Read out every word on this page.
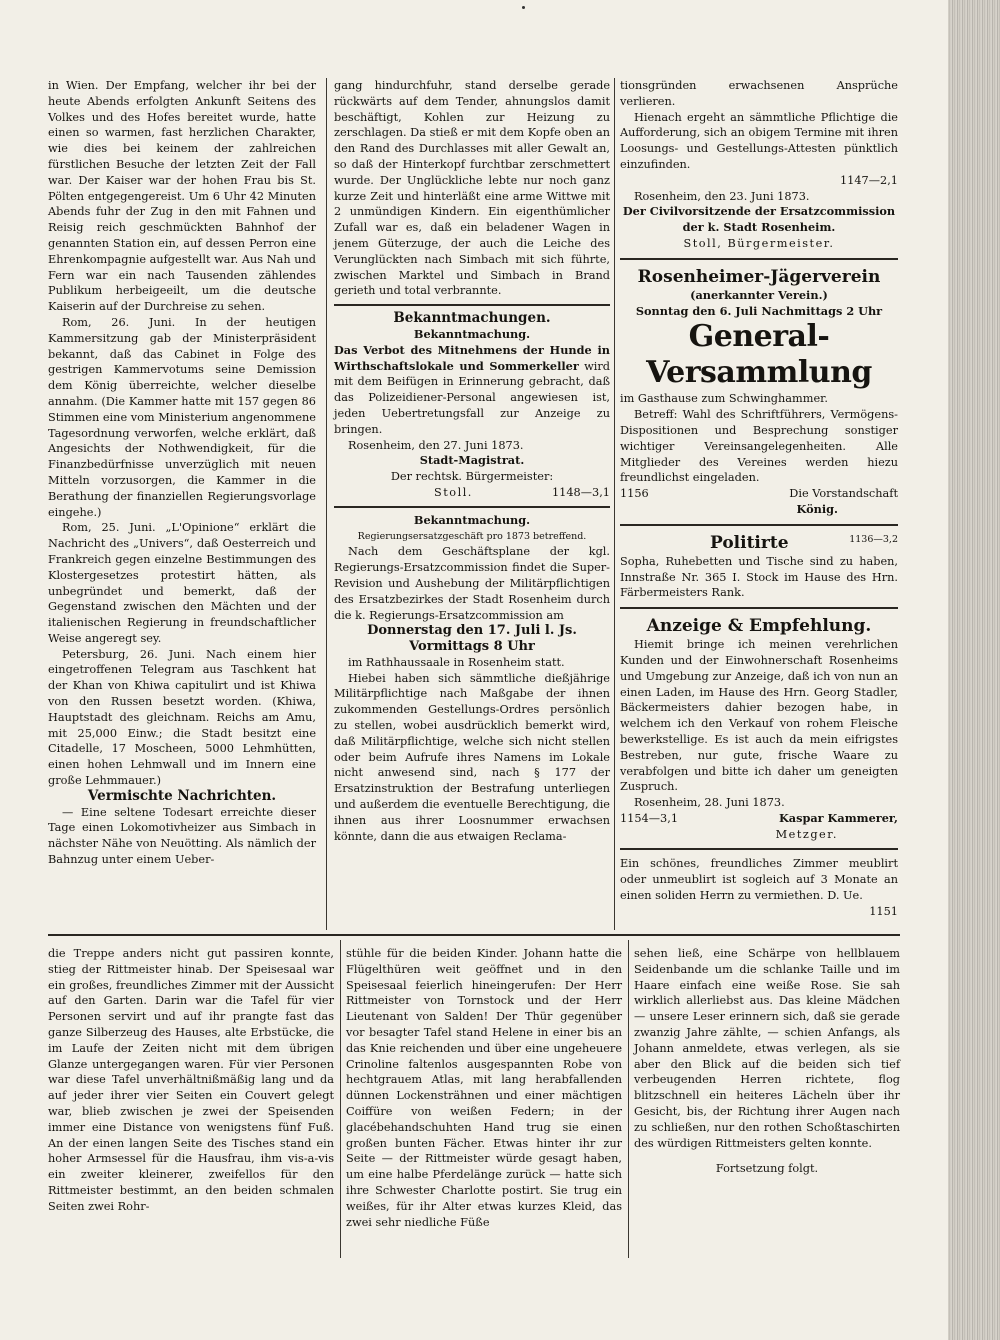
in Wien. Der Empfang, welcher ihr bei der heute Abends erfolgten Ankunft Seitens des Volkes und des Hofes bereitet wurde, hatte einen so warmen, fast herzlichen Charakter, wie dies bei keinem der zahlreichen fürstlichen Besuche der letzten Zeit der Fall war. Der Kaiser war der hohen Frau bis St. Pölten entgegengereist. Um 6 Uhr 42 Minuten Abends fuhr der Zug in den mit Fahnen und Reisig reich geschmückten Bahnhof der genannten Station ein, auf dessen Perron eine Ehrenkompagnie aufgestellt war. Aus Nah und Fern war ein nach Tausenden zählendes Publikum herbeigeeilt, um die deutsche Kaiserin auf der Durchreise zu sehen.

Rom, 26. Juni. In der heutigen Kammersitzung gab der Ministerpräsident bekannt, daß das Cabinet in Folge des gestrigen Kammervotums seine Demission dem König überreichte, welcher dieselbe annahm. (Die Kammer hatte mit 157 gegen 86 Stimmen eine vom Ministerium angenommene Tagesordnung verworfen, welche erklärt, daß Angesichts der Nothwendigkeit, für die Finanzbedürfnisse unverzüglich mit neuen Mitteln vorzusorgen, die Kammer in die Berathung der finanziellen Regierungsvorlage eingehe.)

Rom, 25. Juni. „L'Opinione“ erklärt die Nachricht des „Univers“, daß Oesterreich und Frankreich gegen einzelne Bestimmungen des Klostergesetzes protestirt hätten, als unbegründet und bemerkt, daß der Gegenstand zwischen den Mächten und der italienischen Regierung in freundschaftlicher Weise angeregt sey.

Petersburg, 26. Juni. Nach einem hier eingetroffenen Telegram aus Taschkent hat der Khan von Khiwa capitulirt und ist Khiwa von den Russen besetzt worden. (Khiwa, Hauptstadt des gleichnam. Reichs am Amu, mit 25,000 Einw.; die Stadt besitzt eine Citadelle, 17 Moscheen, 5000 Lehmhütten, einen hohen Lehmwall und im Innern eine große Lehmmauer.)

Vermischte Nachrichten.

— Eine seltene Todesart erreichte dieser Tage einen Lokomotivheizer aus Simbach in nächster Nähe von Neuötting. Als nämlich der Bahnzug unter einem Ueber-

gang hindurchfuhr, stand derselbe gerade rückwärts auf dem Tender, ahnungslos damit beschäftigt, Kohlen zur Heizung zu zerschlagen. Da stieß er mit dem Kopfe oben an den Rand des Durchlasses mit aller Gewalt an, so daß der Hinterkopf furchtbar zerschmettert wurde. Der Unglückliche lebte nur noch ganz kurze Zeit und hinterläßt eine arme Wittwe mit 2 unmündigen Kindern. Ein eigenthümlicher Zufall war es, daß ein beladener Wagen in jenem Güterzuge, der auch die Leiche des Verunglückten nach Simbach mit sich führte, zwischen Marktel und Simbach in Brand gerieth und total verbrannte.

Bekanntmachungen.

Bekanntmachung.

Das Verbot des Mitnehmens der Hunde in Wirthschaftslokale und Sommerkeller wird mit dem Beifügen in Erinnerung gebracht, daß das Polizeidiener-Personal angewiesen ist, jeden Uebertretungsfall zur Anzeige zu bringen.

Rosenheim, den 27. Juni 1873.

Stadt-Magistrat.

Der rechtsk. Bürgermeister:

Stoll.	1148—3,1

Bekanntmachung.

Regierungsersatzgeschäft pro 1873 betreffend.

Nach dem Geschäftsplane der kgl. Regierungs-Ersatzcommission findet die Super-Revision und Aushebung der Militärpflichtigen des Ersatzbezirkes der Stadt Rosenheim durch die k. Regierungs-Ersatzcommission am

Donnerstag den 17. Juli l. Js.

Vormittags 8 Uhr

im Rathhaussaale in Rosenheim statt.

Hiebei haben sich sämmtliche dießjährige Militärpflichtige nach Maßgabe der ihnen zukommenden Gestellungs-Ordres persönlich zu stellen, wobei ausdrücklich bemerkt wird, daß Militärpflichtige, welche sich nicht stellen oder beim Aufrufe ihres Namens im Lokale nicht anwesend sind, nach § 177 der Ersatzinstruktion der Bestrafung unterliegen und außerdem die eventuelle Berechtigung, die ihnen aus ihrer Loosnummer erwachsen könnte, dann die aus etwaigen Reclama-

tionsgründen erwachsenen Ansprüche verlieren.

Hienach ergeht an sämmtliche Pflichtige die Aufforderung, sich an obigem Termine mit ihren Loosungs- und Gestellungs-Attesten pünktlich einzufinden.

1147—2,1

Rosenheim, den 23. Juni 1873.

Der Civilvorsitzende der Ersatzcommission der k. Stadt Rosenheim.

Stoll, Bürgermeister.

Rosenheimer-Jägerverein

(anerkannter Verein.)

Sonntag den 6. Juli Nachmittags 2 Uhr

General-Versammlung

im Gasthause zum Schwinghammer.

Betreff: Wahl des Schriftführers, Vermögens-Dispositionen und Besprechung sonstiger wichtiger Vereinsangelegenheiten. Alle Mitglieder des Vereines werden hiezu freundlichst eingeladen.

1156	Die Vorstandschaft

König.

Politirte	1136—3,2

Sopha, Ruhebetten und Tische sind zu haben, Innstraße Nr. 365 I. Stock im Hause des Hrn. Färbermeisters Rank.

Anzeige & Empfehlung.

Hiemit bringe ich meinen verehrlichen Kunden und der Einwohnerschaft Rosenheims und Umgebung zur Anzeige, daß ich von nun an einen Laden, im Hause des Hrn. Georg Stadler, Bäckermeisters dahier bezogen habe, in welchem ich den Verkauf von rohem Fleische bewerkstellige. Es ist auch da mein eifrigstes Bestreben, nur gute, frische Waare zu verabfolgen und bitte ich daher um geneigten Zuspruch.

Rosenheim, 28. Juni 1873.

1154—3,1	Kaspar Kammerer,

Metzger.

Ein schönes, freundliches Zimmer meublirt oder unmeublirt ist sogleich auf 3 Monate an einen soliden Herrn zu vermiethen. D. Ue.

1151

die Treppe anders nicht gut passiren konnte, stieg der Rittmeister hinab. Der Speisesaal war ein großes, freundliches Zimmer mit der Aussicht auf den Garten. Darin war die Tafel für vier Personen servirt und auf ihr prangte fast das ganze Silberzeug des Hauses, alte Erbstücke, die im Laufe der Zeiten nicht mit dem übrigen Glanze untergegangen waren. Für vier Personen war diese Tafel unverhältnißmäßig lang und da auf jeder ihrer vier Seiten ein Couvert gelegt war, blieb zwischen je zwei der Speisenden immer eine Distance von wenigstens fünf Fuß. An der einen langen Seite des Tisches stand ein hoher Armsessel für die Hausfrau, ihm vis-a-vis ein zweiter kleinerer, zweifellos für den Rittmeister bestimmt, an den beiden schmalen Seiten zwei Rohr-

stühle für die beiden Kinder. Johann hatte die Flügelthüren weit geöffnet und in den Speisesaal feierlich hineingerufen: Der Herr Rittmeister von Tornstock und der Herr Lieutenant von Salden! Der Thür gegenüber vor besagter Tafel stand Helene in einer bis an das Knie reichenden und über eine ungeheuere Crinoline faltenlos ausgespannten Robe von hechtgrauem Atlas, mit lang herabfallenden dünnen Lockensträhnen und einer mächtigen Coiffüre von weißen Federn; in der glacébehandschuhten Hand trug sie einen großen bunten Fächer. Etwas hinter ihr zur Seite — der Rittmeister würde gesagt haben, um eine halbe Pferdelänge zurück — hatte sich ihre Schwester Charlotte postirt. Sie trug ein weißes, für ihr Alter etwas kurzes Kleid, das zwei sehr niedliche Füße

sehen ließ, eine Schärpe von hellblauem Seidenbande um die schlanke Taille und im Haare einfach eine weiße Rose. Sie sah wirklich allerliebst aus. Das kleine Mädchen — unsere Leser erinnern sich, daß sie gerade zwanzig Jahre zählte, — schien Anfangs, als Johann anmeldete, etwas verlegen, als sie aber den Blick auf die beiden sich tief verbeugenden Herren richtete, flog blitzschnell ein heiteres Lächeln über ihr Gesicht, bis, der Richtung ihrer Augen nach zu schließen, nur den rothen Schoßtaschirten des würdigen Rittmeisters gelten konnte.

Fortsetzung folgt.
